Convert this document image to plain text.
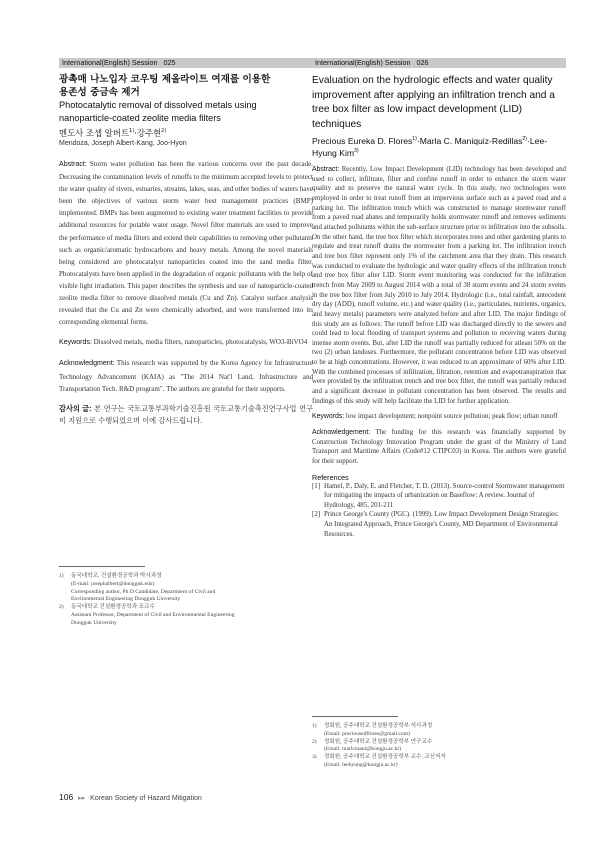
International(English) Session 025
광촉매 나노입자 코우팅 제올라이트 여재를 이용한
용존성 중금속 제거
Photocatalytic removal of dissolved metals using
nanoparticle-coated zeolite media filters
멘도사 조셉 알버트$^{1)}$·강주현$^{2)}$
Mendoza, Joseph Albert·Kang, Joo-Hyon
Abstract: Storm water pollution has been the various concerns over the past decade. Decreasing the contamination levels of runoffs to the minimum accepted levels to protect the water quality of rivers, estuaries, streams, lakes, seas, and other bodies of waters have been the objectives of various storm water best management practices (BMP) implemented. BMPs has been augmented to existing water treatment facilities to provide additional resources for potable water usage. Novel filter materials are used to improve the performance of media filters and extend their capabilities to removing other pollutants such as organic/aromatic hydrocarbons and heavy metals. Among the novel materials being considered are photocatalyst nanoparticles coated into the sand media filter. Photocatalysts have been applied in the degradation of organic pollutants with the help of visible light irradiation. This paper describes the synthesis and use of nanoparticle-coated zeolite media filter to remove dissolved metals (Cu and Zn). Catalyst surface analysis revealed that the Cu and Zn were chemically adsorbed, and were transformed into its corresponding elemental forms.
Keywords: Dissolved metals, media filters, nanoparticles, photocatalysis, WO3-BiVO4
Acknowledgment: This research was supported by the Korea Agency for Infrastructure Technology Advancement (KAIA) as "The 2014 Nat'l Land, Infrastructure and Transportation Tech. R&D program". The authors are grateful for their supports.
감사의 글: 본 연구는 국토교통부과학기술진흥원 국토교통기술촉진연구사업 연구비 지원으로 수행되었으며 이에 감사드립니다.
1)	동국대학교, 건설환경공학과 박사과정
(E-mail: josephalbert@dongguk.edu)
Corresponding author, Ph D Candidate, Department of Civil and
Environmental Engineering Dongguk University
2)	동국대학교 건설환경공학과 조교수
Assistant Professor, Department of Civil and Environmental Engineering
Dongguk University
International(English) Session 026
Evaluation on the hydrologic effects and water quality improvement after applying an infiltration trench and a tree box filter as low impact development (LID) techniques
Precious Eureka D. Flores$^{1)}$·Marla C. Maniquiz-Redillas$^{2)}$·Lee-Hyung Kim$^{3)}$
Abstract: Recently, Low Impact Development (LID) technology has been developed and used to collect, infiltrate, filter and confine runoff in order to enhance the storm water quality and to preserve the natural water cycle. In this study, two technologies were employed in order to treat runoff from an impervious surface such as a paved road and a parking lot. The infiltration trench which was constructed to manage stormwater runoff from a paved road abates and temporarily holds stormwater runoff and removes sediments and attached pollutants within the sub-surface structure prior to infiltration into the subsoils. On the other hand, the tree box filter which incorporates trees and other gardening plants to regulate and treat runoff drains the stormwater from a parking lot. The infiltration trench and tree box filter represent only 1% of the catchment area that they drain. This research was conducted to evaluate the hydrologic and water quality effects of the infiltration trench and tree box filter after LID. Storm event monitoring was conducted for the infiltration trench from May 2009 to August 2014 with a total of 38 storm events and 24 storm events in the tree box filter from July 2010 to July 2014. Hydrologic (i.e., total rainfall, antecedent dry day (ADD), runoff volume, etc.) and water quality (i.e., particulates, nutrients, organics, and heavy metals) parameters were analyzed before and after LID. The major findings of this study are as follows: The runoff before LID was discharged directly to the sewers and could lead to local flooding of transport systems and pollution to receiving waters during intense storm events. But, after LID the runoff was partially reduced for atleast 50% on the two (2) urban landuses. Furthermore, the pollutant concentration before LID was observed to be at high concentrations. However, it was reduced to an approximate of 60% after LID. With the combined processes of infiltration, filtration, retention and evapotranspiration that were provided by the infiltration trench and tree box filter, the runoff was partially reduced and a significant decrease in pollutant concentration has been observed. The results and findings of this study will help facilitate the LID for further application.
Keywords: low impact development; nonpoint source pollution; peak flow; urban runoff
Acknowledgement: The funding for this research was financially supported by Construction Technology Innovation Program under the grant of the Ministry of Land Transport and Maritime Affairs (Code#12 CTIPC03) in Korea. The authors were grateful for their support.
References
[1] Hamel, P., Daly, E. and Fletcher, T. D. (2013). Source-control Stormwater management for mitigating the impacts of urbanization on Baseflow: A review. Journal of Hydrology, 485, 201-211
[2] Prince George's County (PGC). (1999). Low Impact Development Design Strategies: An Integrated Approach, Prince George's County, MD Department of Environmental Resources.
1)	정회원, 공주대학교 건설환경공학부 석사과정
(Email: preciousedflores@gmail.com)
2)	정회원, 공주대학교 건설환경공학부 연구교수
(Email: marlcmani@kongju.ac.kr)
3)	정회원, 공주대학교 건설환경공학부 교수, 교신저자
(Email: leehyung@kongju.ac.kr)
106 ▸▸ Korean Society of Hazard Mitigation
